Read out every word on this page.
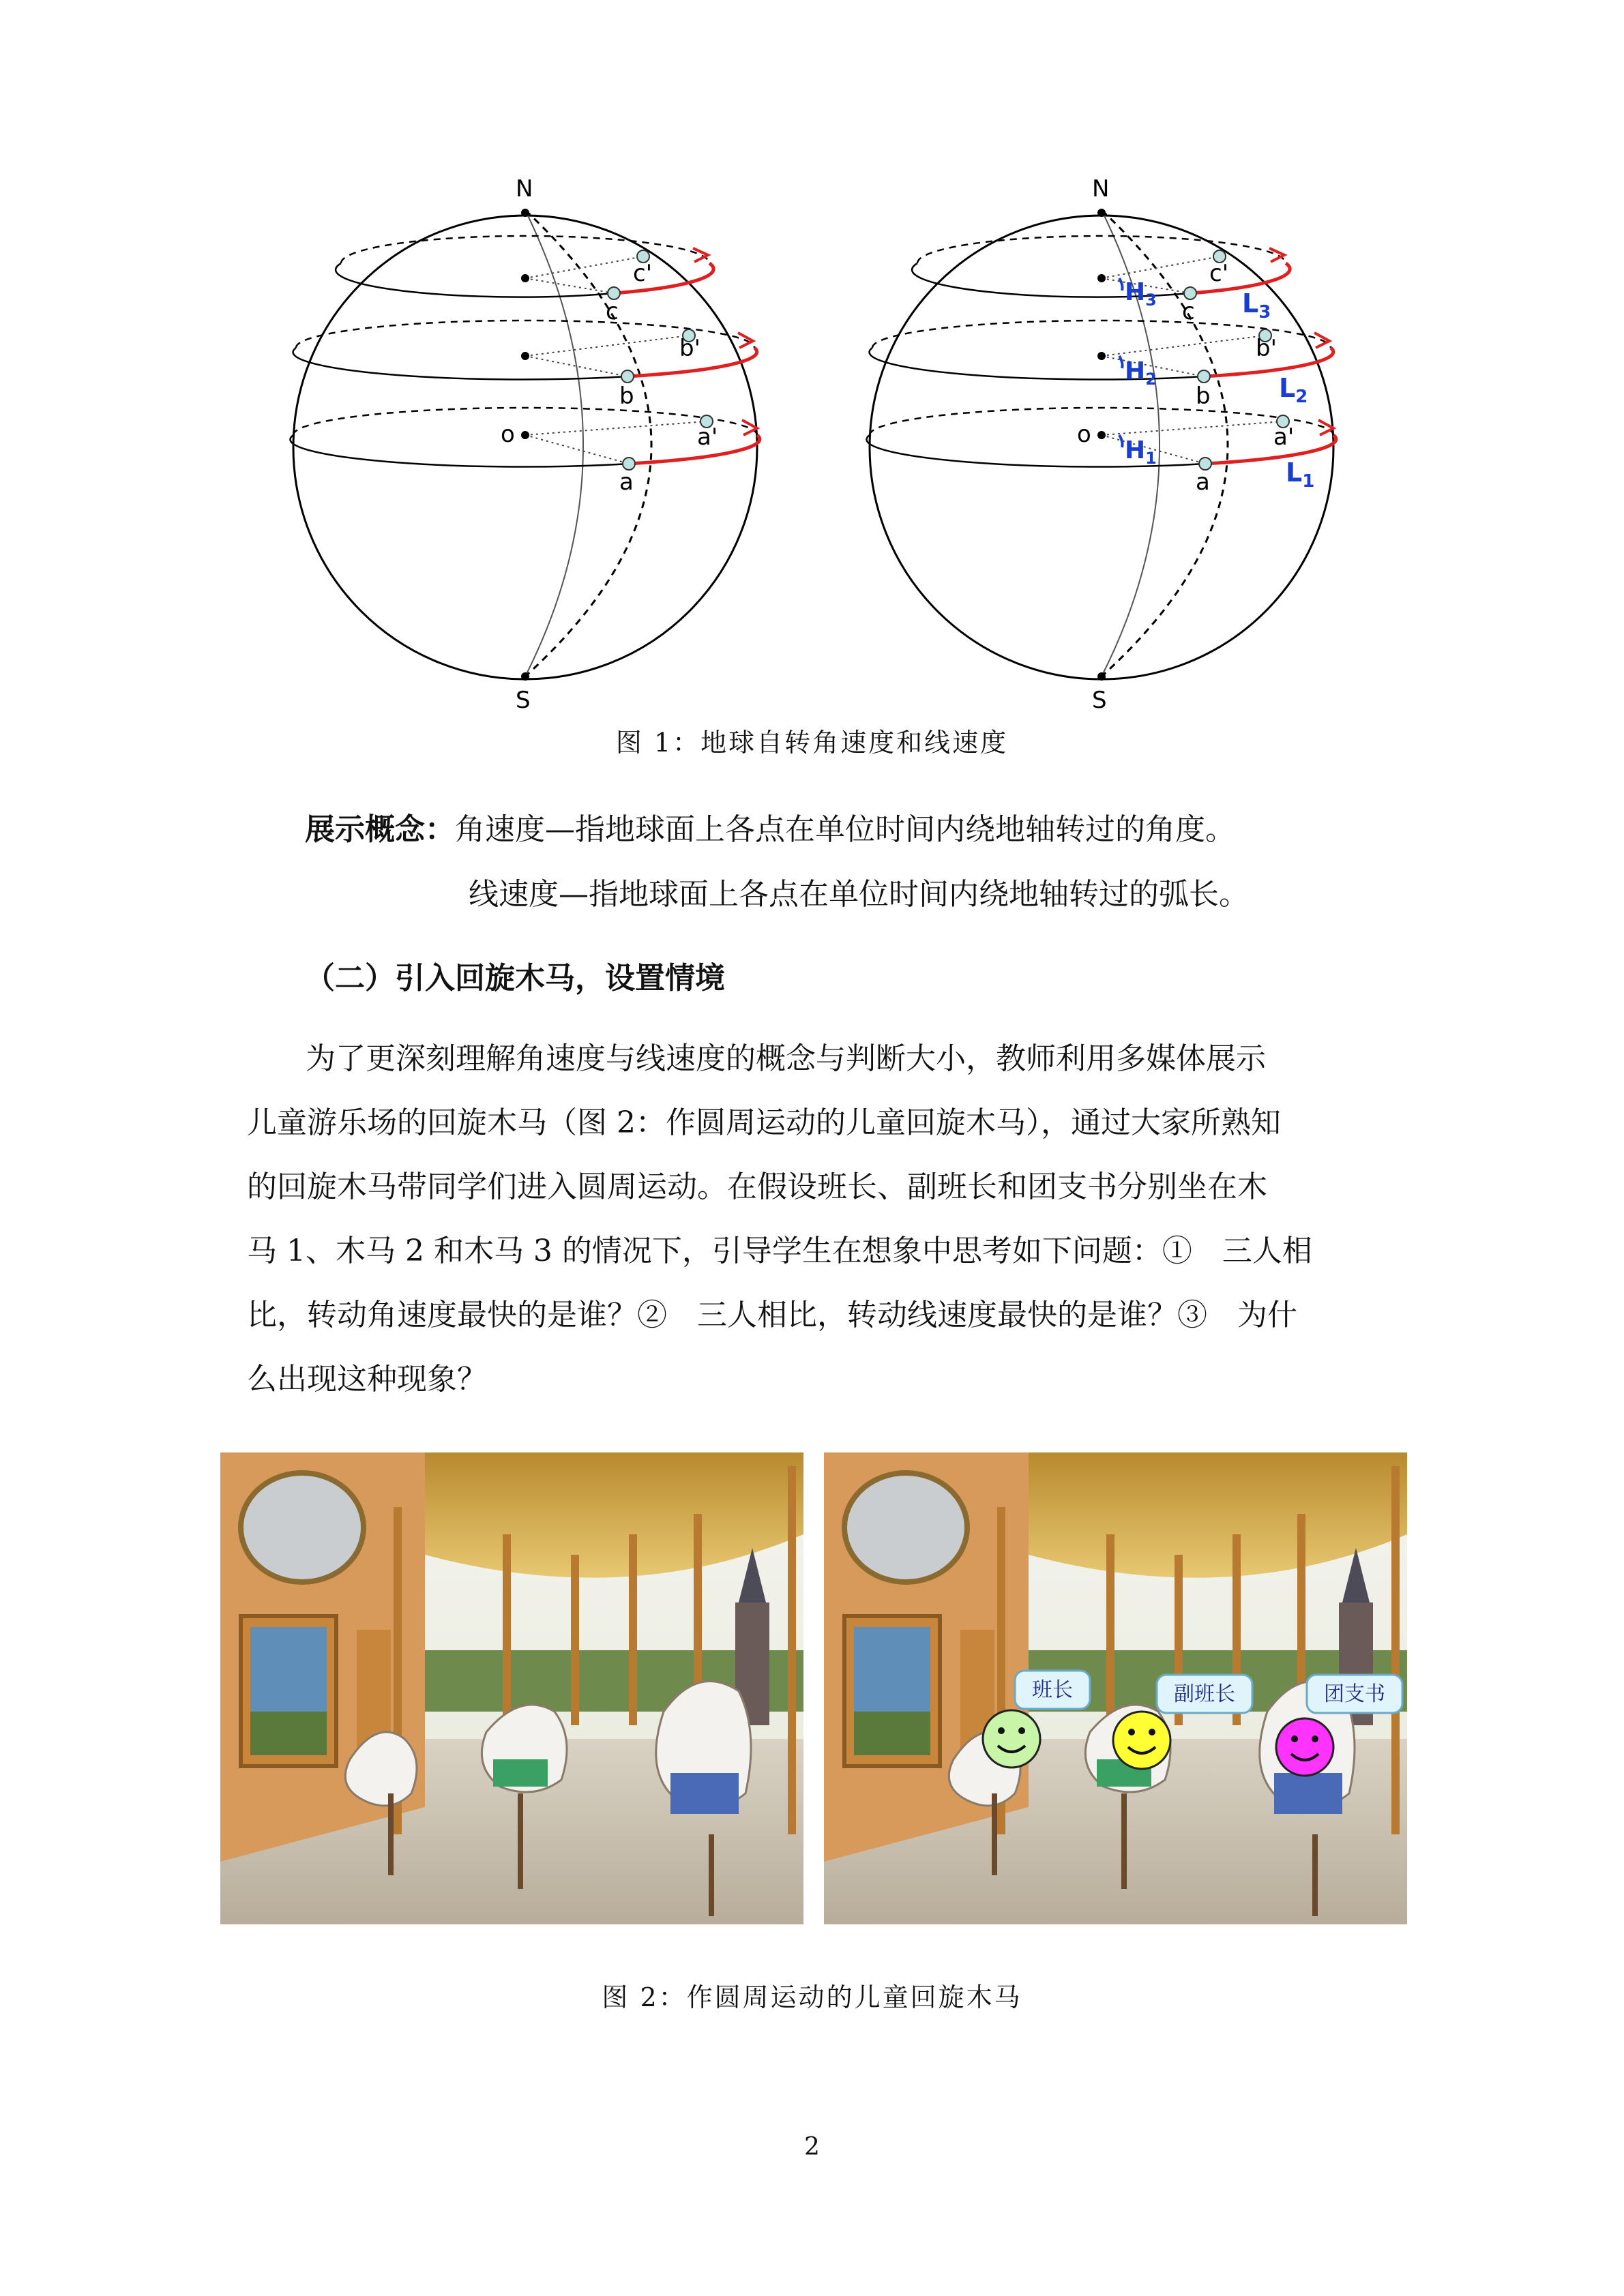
N
S
o
a
b
c
a'
b'
c'
N
S
o
a
b
c
a'
b'
c'
$H_1$
$H_2$
$H_3$
$L_1$
$L_2$
$L_3$
图 1：地球自转角速度和线速度
展示概念：角速度—指地球面上各点在单位时间内绕地轴转过的角度。
线速度—指地球面上各点在单位时间内绕地轴转过的弧长。
（二）引入回旋木马，设置情境

为了更深刻理解角速度与线速度的概念与判断大小，教师利用多媒体展示

儿童游乐场的回旋木马（图 2：作圆周运动的儿童回旋木马），通过大家所熟知

的回旋木马带同学们进入圆周运动。在假设班长、副班长和团支书分别坐在木

马 1、木马 2 和木马 3 的情况下，引导学生在想象中思考如下问题：①　三人相

比，转动角速度最快的是谁？②　三人相比，转动线速度最快的是谁？③　为什

么出现这种现象？

班长	副班长	团支书
图 2：作圆周运动的儿童回旋木马
2
